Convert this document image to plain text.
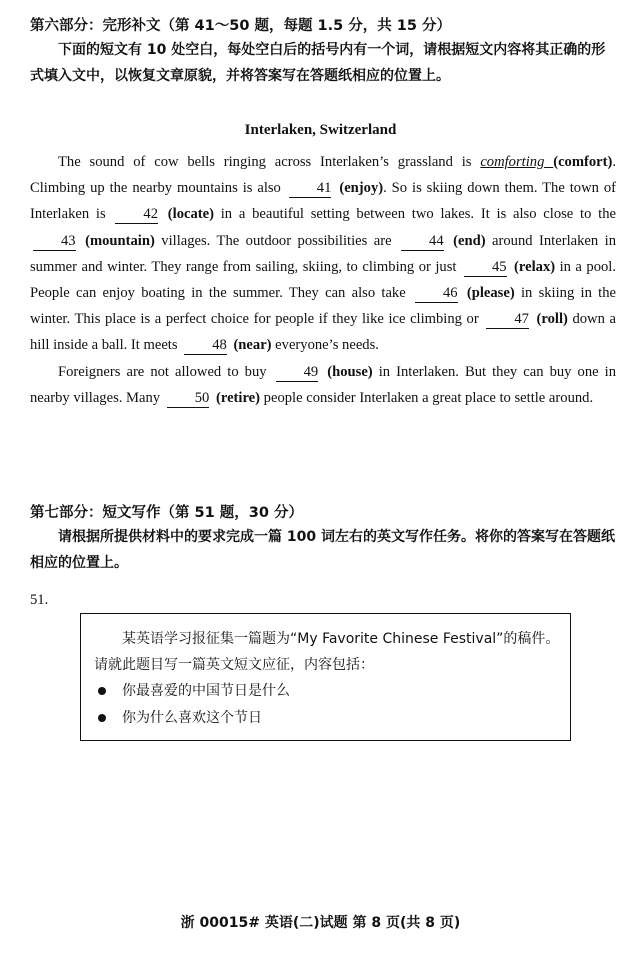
第六部分：完形补文（第 41～50 题，每题 1.5 分，共 15 分）
下面的短文有 10 处空白，每处空白后的括号内有一个词，请根据短文内容将其正确的形式填入文中，以恢复文章原貌，并将答案写在答题纸相应的位置上。
Interlaken, Switzerland

The sound of cow bells ringing across Interlaken’s grassland is comforting (comfort). Climbing up the nearby mountains is also 41 (enjoy). So is skiing down them. The town of Interlaken is 42 (locate) in a beautiful setting between two lakes. It is also close to the 43 (mountain) villages. The outdoor possibilities are 44 (end) around Interlaken in summer and winter. They range from sailing, skiing, to climbing or just 45 (relax) in a pool. People can enjoy boating in the summer. They can also take 46 (please) in skiing in the winter. This place is a perfect choice for people if they like ice climbing or 47 (roll) down a hill inside a ball. It meets 48 (near) everyone’s needs.

Foreigners are not allowed to buy 49 (house) in Interlaken. But they can buy one in nearby villages. Many 50 (retire) people consider Interlaken a great place to settle around.

第七部分：短文写作（第 51 题，30 分）
请根据所提供材料中的要求完成一篇 100 词左右的英文写作任务。将你的答案写在答题纸相应的位置上。
51.
某英语学习报征集一篇题为“My Favorite Chinese Festival”的稿件。
请就此题目写一篇英文短文应征，内容包括：
你最喜爱的中国节日是什么
你为什么喜欢这个节日
浙 00015# 英语(二)试题 第 8 页(共 8 页)
